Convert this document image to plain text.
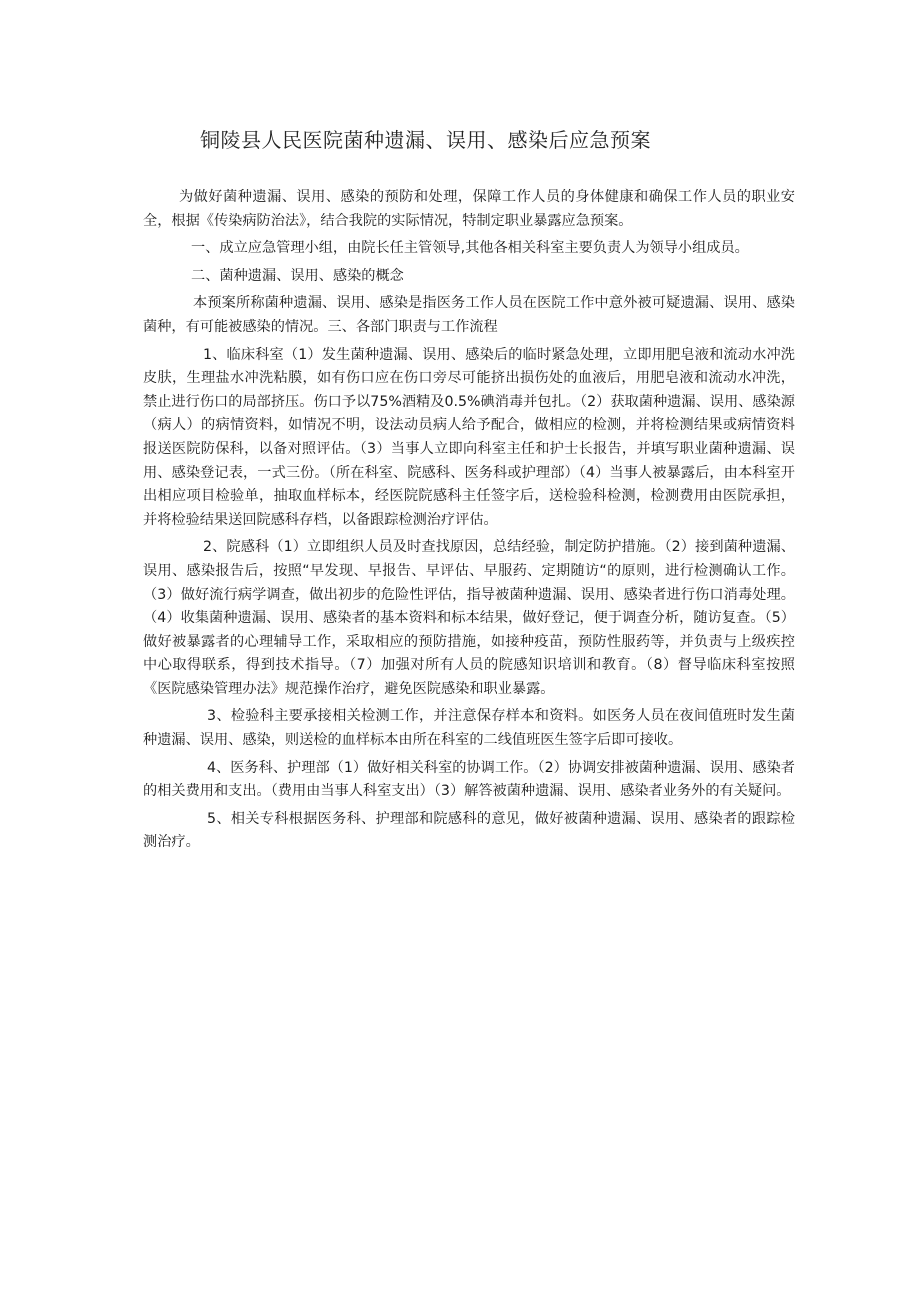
铜陵县人民医院菌种遗漏、误用、感染后应急预案

为做好菌种遗漏、误用、感染的预防和处理，保障工作人员的身体健康和确保工作人员的职业安全，根据《传染病防治法》，结合我院的实际情况，特制定职业暴露应急预案。

一、成立应急管理小组，由院长任主管领导,其他各相关科室主要负责人为领导小组成员。

二、菌种遗漏、误用、感染的概念

本预案所称菌种遗漏、误用、感染是指医务工作人员在医院工作中意外被可疑遗漏、误用、感染菌种，有可能被感染的情况。三、各部门职责与工作流程

1、临床科室（1）发生菌种遗漏、误用、感染后的临时紧急处理，立即用肥皂液和流动水冲洗皮肤，生理盐水冲洗粘膜，如有伤口应在伤口旁尽可能挤出损伤处的血液后，用肥皂液和流动水冲洗，禁止进行伤口的局部挤压。伤口予以75%酒精及0.5%碘消毒并包扎。（2）获取菌种遗漏、误用、感染源（病人）的病情资料，如情况不明，设法动员病人给予配合，做相应的检测，并将检测结果或病情资料报送医院防保科，以备对照评估。（3）当事人立即向科室主任和护士长报告，并填写职业菌种遗漏、误用、感染登记表，一式三份。（所在科室、院感科、医务科或护理部）（4）当事人被暴露后，由本科室开出相应项目检验单，抽取血样标本，经医院院感科主任签字后，送检验科检测，检测费用由医院承担，并将检验结果送回院感科存档，以备跟踪检测治疗评估。

2、院感科（1）立即组织人员及时查找原因，总结经验，制定防护措施。（2）接到菌种遗漏、误用、感染报告后，按照“早发现、早报告、早评估、早服药、定期随访“的原则，进行检测确认工作。（3）做好流行病学调查，做出初步的危险性评估，指导被菌种遗漏、误用、感染者进行伤口消毒处理。（4）收集菌种遗漏、误用、感染者的基本资料和标本结果，做好登记，便于调查分析，随访复查。（5）做好被暴露者的心理辅导工作，采取相应的预防措施，如接种疫苗，预防性服药等，并负责与上级疾控中心取得联系，得到技术指导。（7）加强对所有人员的院感知识培训和教育。（8）督导临床科室按照《医院感染管理办法》规范操作治疗，避免医院感染和职业暴露。

3、检验科主要承接相关检测工作，并注意保存样本和资料。如医务人员在夜间值班时发生菌种遗漏、误用、感染，则送检的血样标本由所在科室的二线值班医生签字后即可接收。

4、医务科、护理部（1）做好相关科室的协调工作。（2）协调安排被菌种遗漏、误用、感染者的相关费用和支出。（费用由当事人科室支出）（3）解答被菌种遗漏、误用、感染者业务外的有关疑问。

5、相关专科根据医务科、护理部和院感科的意见，做好被菌种遗漏、误用、感染者的跟踪检测治疗。
